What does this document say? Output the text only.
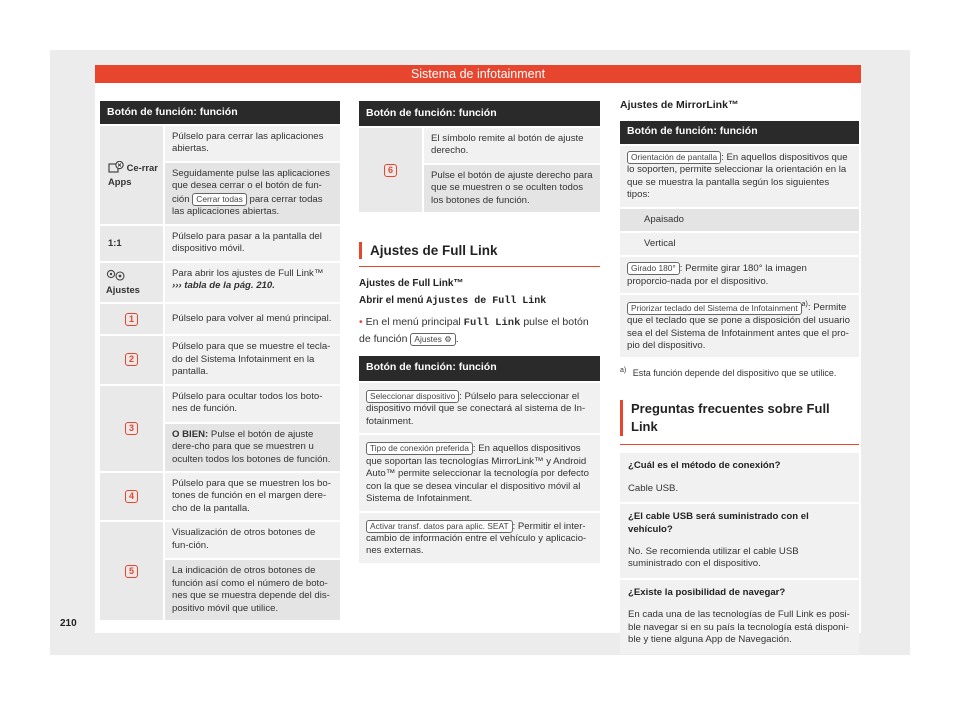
Sistema de infotainment
210
Botón de función: función	
Ce-rrar Apps	Púlselo para cerrar las aplicaciones abiertas.
	Seguidamente pulse las aplicaciones que desea cerrar o el botón de fun-ción Cerrar todas para cerrar todas las aplicaciones abiertas.
1:1	Púlselo para pasar a la pantalla del dispositivo móvil.
Ajustes	Para abrir los ajustes de Full Link™
››› tabla de la pág. 210.

1	Púlselo para volver al menú principal.
2	Púlselo para que se muestre el tecla-do del Sistema Infotainment en la pantalla.
3	Púlselo para ocultar todos los boto-nes de función.
	O BIEN: Pulse el botón de ajuste dere-cho para que se muestren u oculten todos los botones de función.
4	Púlselo para que se muestren los bo-tones de función en el margen dere-cho de la pantalla.
5	Visualización de otros botones de fun-ción.
	La indicación de otros botones de función así como el número de boto-nes que se muestra depende del dis-positivo móvil que utilice.
Botón de función: función
6	El símbolo remite al botón de ajuste derecho.
Pulse el botón de ajuste derecho para que se muestren o se oculten todos los botones de función.
Ajustes de Full Link
Ajustes de Full Link™
Abrir el menú Ajustes de Full Link
• En el menú principal Full Link pulse el botón de función Ajustes ⚙ .
Botón de función: función
Seleccionar dispositivo : Púlselo para seleccionar el dispositivo móvil que se conectará al sistema de In-fotainment.
Tipo de conexión preferida : En aquellos dispositivos que soportan las tecnologías MirrorLink™ y Android Auto™ permite seleccionar la tecnología por defecto con la que se desea vincular el dispositivo móvil al Sistema de Infotainment.
Activar transf. datos para aplic. SEAT : Permitir el inter-cambio de información entre el vehículo y aplicacio-nes externas.
Ajustes de MirrorLink™
Botón de función: función
Orientación de pantalla : En aquellos dispositivos que lo soporten, permite seleccionar la orientación en la que se muestra la pantalla según los siguientes tipos:
Apaisado
Vertical
Girado 180° : Permite girar 180° la imagen proporcio-nada por el dispositivo.
Priorizar teclado del Sistema de Infotainment $^{a)}$: Permite que el teclado que se pone a disposición del usuario sea el del Sistema de Infotainment antes que el pro-pio del dispositivo.
$^{a)}$ Esta función depende del dispositivo que se utilice.
Preguntas frecuentes sobre Full Link
¿Cuál es el método de conexión?
Cable USB.
¿El cable USB será suministrado con el vehículo?
No. Se recomienda utilizar el cable USB suministrado con el dispositivo.
¿Existe la posibilidad de navegar?
En cada una de las tecnologías de Full Link es posi-ble navegar si en su país la tecnología está disponi-ble y tiene alguna App de Navegación.
